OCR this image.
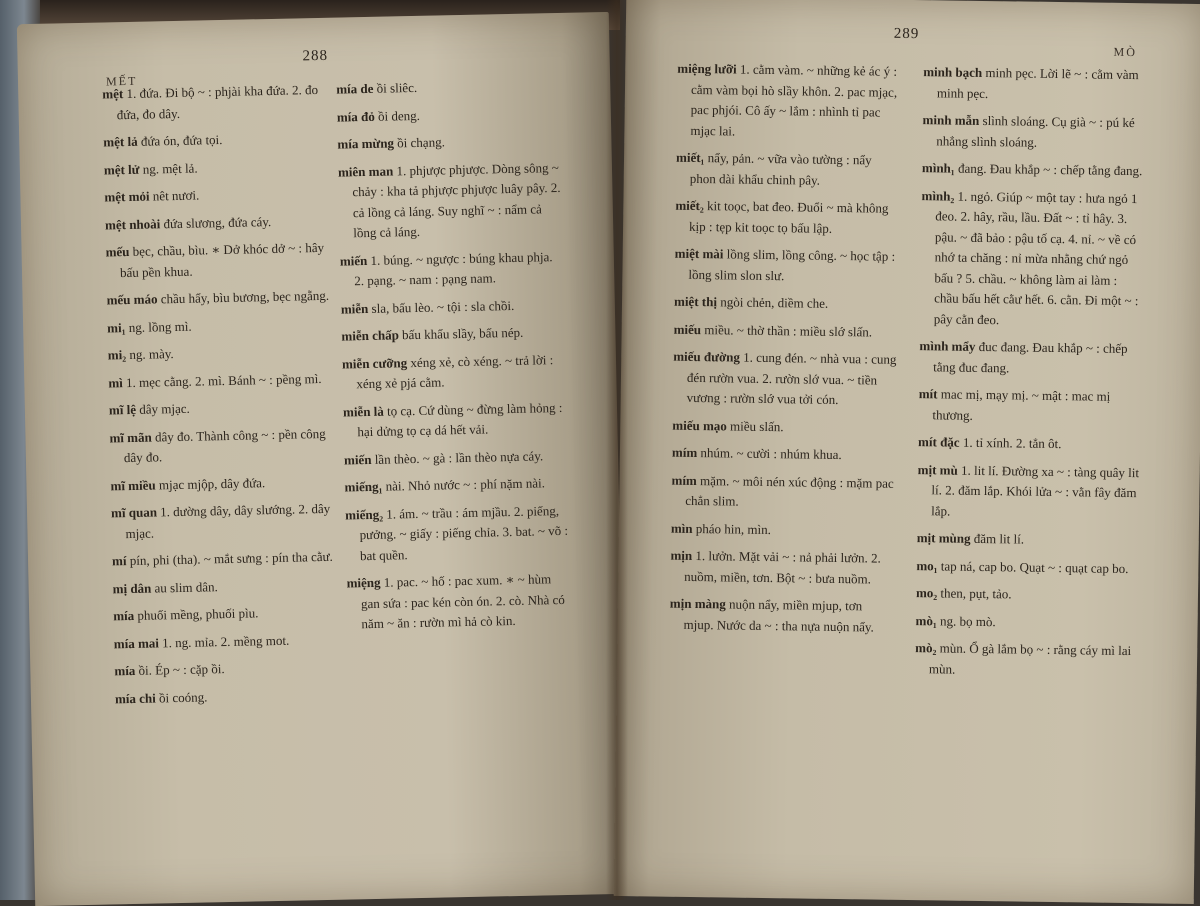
288
MẾT
mệt 1. đứa. Đi bộ ~ : phjài kha đứa. 2. đo đứa, đo dây.
mệt lả đứa ón, đứa tọi.
mệt lử ng. mệt lả.
mệt mỏi nêt nươi.
mệt nhoài đứa slương, đứa cáy.
mếu bẹc, chầu, bìu. ∗ Dở khóc dở ~ : hây bấu pền khua.
mếu máo chầu hẩy, bìu bương, bẹc ngẵng.
mi₁ ng. lồng mì.
mi₂ ng. mày.
mì 1. mẹc cằng. 2. mì. Bánh ~ : pềng mì.
mĩ lệ dây mjạc.
mĩ mãn dây đo. Thành công ~ : pền công dây đo.
mĩ miều mjạc mjộp, dây đứa.
mĩ quan 1. dường dây, dây slướng. 2. dây mjạc.
mí pín, phi (tha). ~ mắt sưng : pín tha cằư.
mị dân au slim dân.
mía phuối mềng, phuối pìu.
mía mai 1. ng. mỉa. 2. mềng mot.
mía ồi. Ép ~ : cặp ồi.
mía chi ồi coóng.
mía de ồi sliêc.
mía đỏ ồi deng.
mía mừng ồi chạng.
miên man 1. phjược phjược. Dòng sông ~ chảy : kha tả phjược phjược luây pây. 2. cả lồng cả láng. Suy nghĩ ~ : nẩm cả lồng cả láng.
miến 1. búng. ~ ngược : búng khau phja. 2. pạng. ~ nam : pạng nam.
miễn sla, bấu lèo. ~ tội : sla chồi.
miễn chấp bấu khẩu slầy, bấu nép.
miễn cưỡng xéng xẻ, cò xéng. ~ trả lời : xéng xẻ pjá cằm.
miễn là tọ cạ. Cứ dùng ~ đừng làm hỏng : hại dửng tọ cạ dá hết vải.
miến lần thèo. ~ gà : lần thèo nựa cáy.
miếng₁ nài. Nhỏ nước ~ : phí nặm nài.
miếng₂ 1. ám. ~ trầu : ám mjầu. 2. piếng, pưởng. ~ giấy : piếng chỉa. 3. bat. ~ võ : bat quền.
miệng 1. pac. ~ hố : pac xum. ∗ ~ hùm gan sứa : pac kén còn ón. 2. cò. Nhà có năm ~ ăn : rườn mì hả cò kin.
289
MÒ
miệng lưỡi 1. cằm vàm. ~ những kẻ ác ý : cằm vàm bọi hò slầy khôn. 2. pac mjạc, pac phjói. Cô ấy ~ lắm : nhình tỉ pac mjạc lai.
miết₁ nẩy, pản. ~ vữa vào tường : nẩy phon dài khẩu chinh pây.
miết₂ kit toọc, bat đeo. Đuổi ~ mà không kịp : tẹp kit toọc tọ bấu lập.
miệt mài lồng slim, lồng công. ~ học tập : lồng slim slon slư.
miệt thị ngòi chẻn, diềm che.
miếu miều. ~ thờ thần : miều slớ slấn.
miếu đường 1. cung đén. ~ nhà vua : cung đén rườn vua. 2. rườn slớ vua. ~ tiền vương : rườn slớ vua tởi cón.
miếu mạo miều slấn.
mím nhúm. ~ cười : nhúm khua.
mím mặm. ~ môi nén xúc động : mặm pac chẳn slim.
mìn pháo hin, mìn.
mịn 1. lưởn. Mặt vải ~ : nả phải lưởn. 2. nuồm, miền, tơn. Bột ~ : bưa nuồm.
mịn màng nuộn nẩy, miền mjup, tơn mjup. Nước da ~ : tha nựa nuộn nẩy.
minh bạch minh pẹc. Lời lẽ ~ : cằm vàm minh pẹc.
minh mẫn slình sloáng. Cụ già ~ : pú ké nhẳng slình sloáng.
mình₁ đang. Đau khắp ~ : chếp tằng đang.
mình₂ 1. ngỏ. Giúp ~ một tay : hưa ngỏ 1 đeo. 2. hây, rầu, lầu. Đất ~ : tỉ hây. 3. pậu. ~ đã bảo : pậu tố cạ. 4. nỉ. ~ về có nhớ ta chăng : nỉ mừa nhằng chứ ngỏ bấu ? 5. chầu. ~ không làm ai làm : chầu bấu hết cằư hết. 6. cằn. Đi một ~ : pây cằn đeo.
mình mẩy đuc đang. Đau khắp ~ : chếp tằng đuc đang.
mít mac mị, mạy mị. ~ mật : mac mị thương.
mít đặc 1. tỉ xính. 2. tẳn ôt.
mịt mù 1. lit lí. Đường xa ~ : tàng quây lit lí. 2. đăm lắp. Khói lửa ~ : vằn fây đăm lắp.
mịt mùng đăm lit lí.
mo₁ tap ná, cap bo. Quạt ~ : quạt cap bo.
mo₂ then, pụt, tảo.
mò₁ ng. bọ mò.
mò₂ mùn. Ổ gà lắm bọ ~ : rằng cáy mì lai mùn.
